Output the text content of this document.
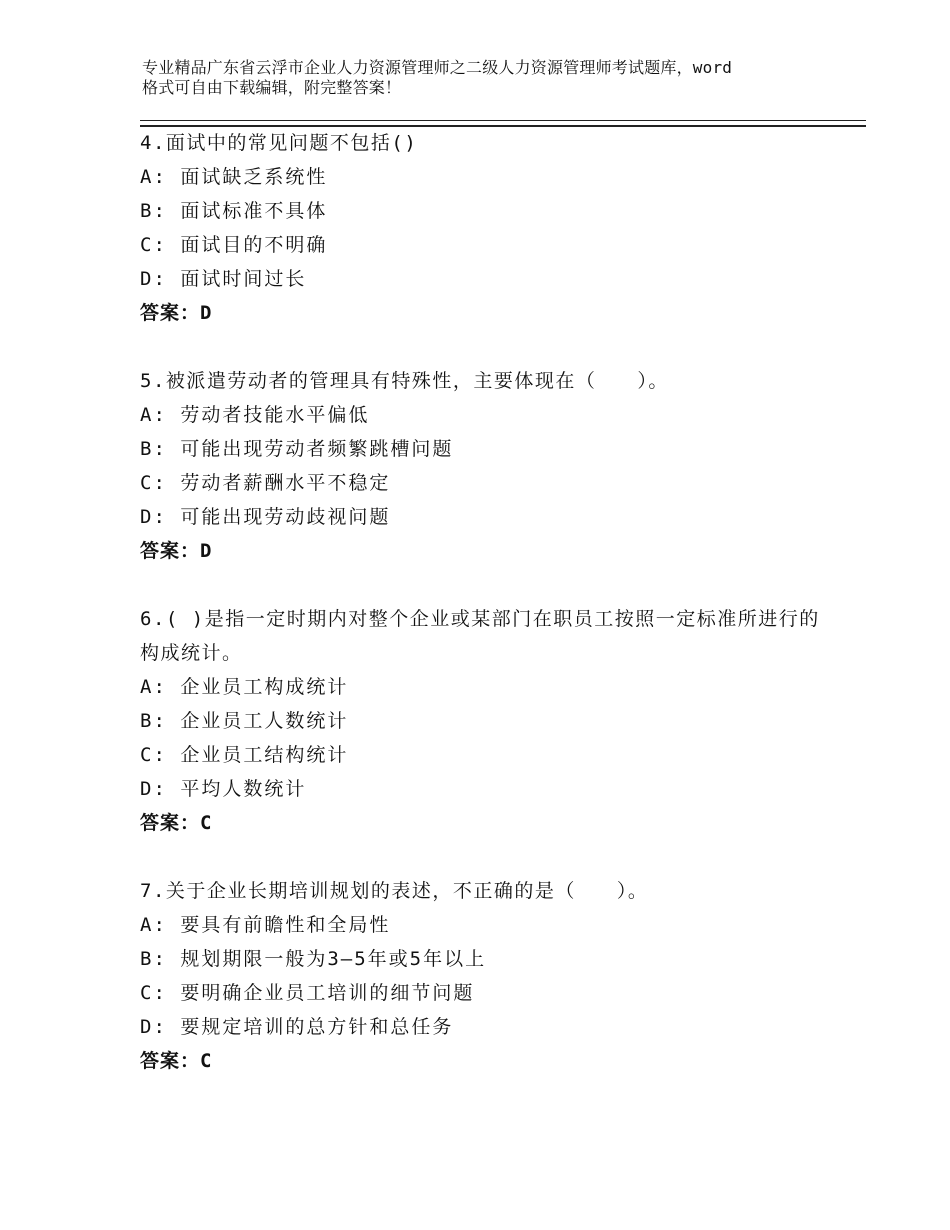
专业精品广东省云浮市企业人力资源管理师之二级人力资源管理师考试题库，word
格式可自由下载编辑，附完整答案！
4.面试中的常见问题不包括()
A: 面试缺乏系统性
B: 面试标准不具体
C: 面试目的不明确
D: 面试时间过长
答案：D
5.被派遣劳动者的管理具有特殊性，主要体现在（　　）。
A: 劳动者技能水平偏低
B: 可能出现劳动者频繁跳槽问题
C: 劳动者薪酬水平不稳定
D: 可能出现劳动歧视问题
答案：D
6.( )是指一定时期内对整个企业或某部门在职员工按照一定标准所进行的构成统计。
A: 企业员工构成统计
B: 企业员工人数统计
C: 企业员工结构统计
D: 平均人数统计
答案：C
7.关于企业长期培训规划的表述，不正确的是（　　）。
A: 要具有前瞻性和全局性
B: 规划期限一般为3—5年或5年以上
C: 要明确企业员工培训的细节问题
D: 要规定培训的总方针和总任务
答案：C
